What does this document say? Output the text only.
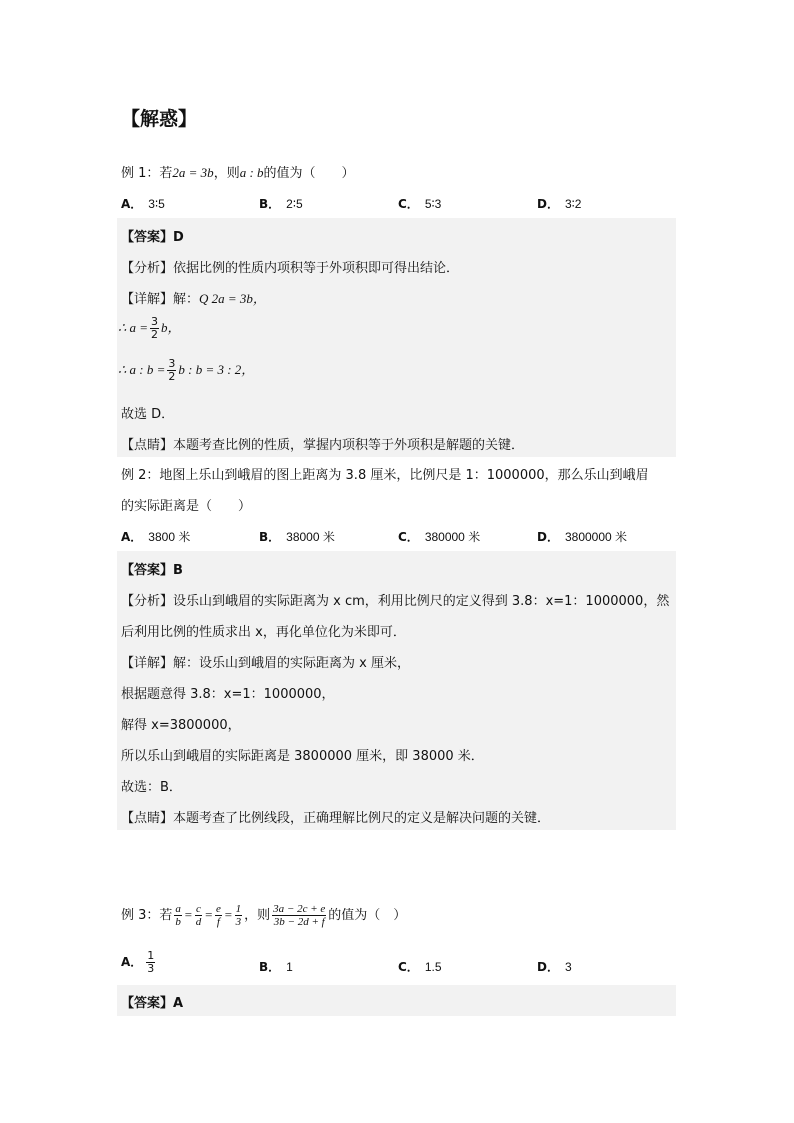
【解惑】
例 1：若2a = 3b，则a : b的值为（　　）
A． 3∶5	B． 2∶5	C． 5∶3	D． 3∶2
【答案】D
【分析】依据比例的性质内项积等于外项积即可得出结论．
【详解】解：Q 2a = 3b，
∴ $a = \frac{3}{2}$ b，
∴ a : $b = \frac{3}{2}$ b : b = 3 : 2，
故选 D．
【点睛】本题考查比例的性质，掌握内项积等于外项积是解题的关键．
例 2：地图上乐山到峨眉的图上距离为 3.8 厘米，比例尺是 1：1000000，那么乐山到峨眉
的实际距离是（　　）
A． 3800 米	B． 38000 米	C． 380000 米	D． 3800000 米
【答案】B
【分析】设乐山到峨眉的实际距离为 x cm，利用比例尺的定义得到 3.8：x=1：1000000，然
后利用比例的性质求出 x，再化单位化为米即可．
【详解】解：设乐山到峨眉的实际距离为 x 厘米，
根据题意得 3.8：x=1：1000000，
解得 x=3800000，
所以乐山到峨眉的实际距离是 3800000 厘米，即 38000 米．
故选：B．
【点睛】本题考查了比例线段，正确理解比例尺的定义是解决问题的关键．
例 3：若 $\frac{a}{b} = \frac{c}{d} = \frac{e}{f} = \frac{1}{3}$ ，则 $\frac{3a - 2c + e}{3b - 2d + f}$ 的值为（　）
A． $\frac{1}{3}$	B． 1	C． 1.5	D． 3
【答案】A
